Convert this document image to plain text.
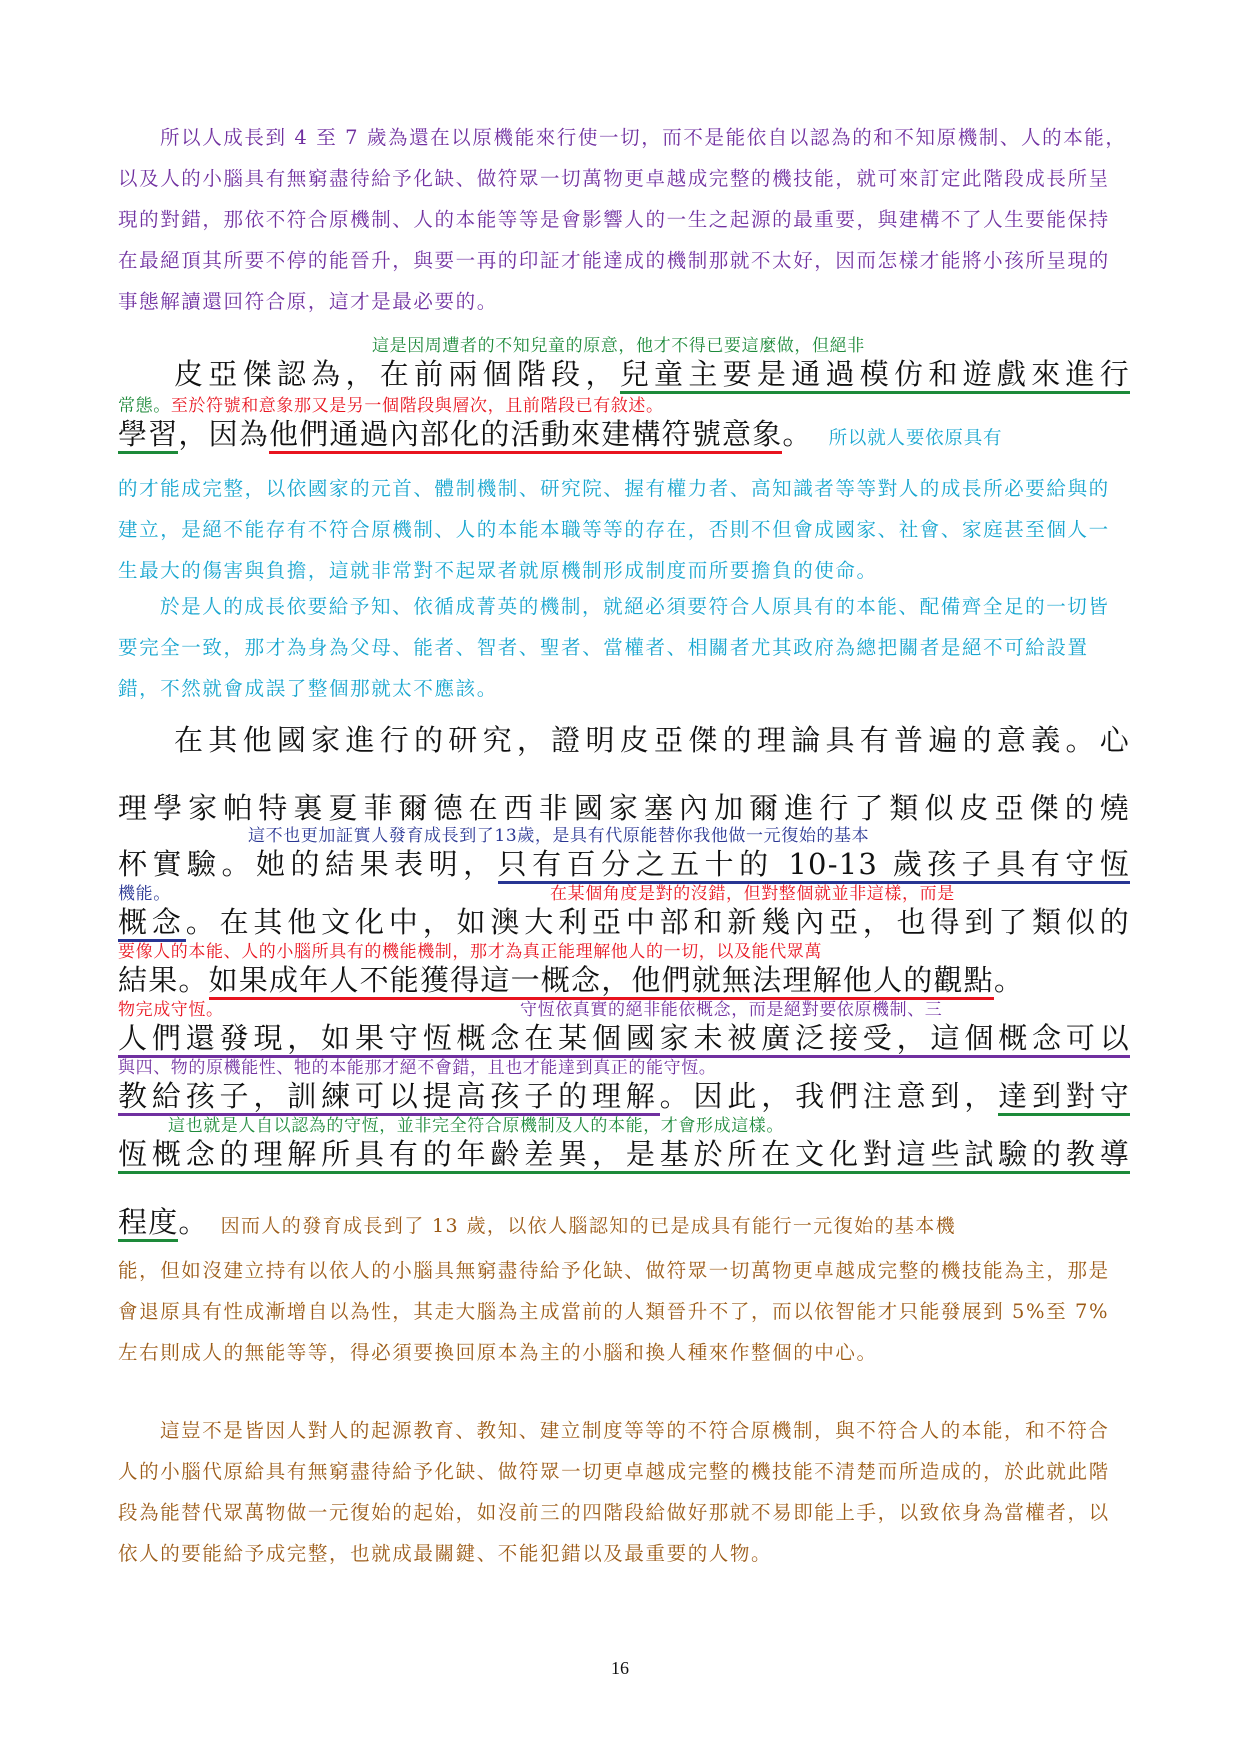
所以人成長到 4 至 7 歲為還在以原機能來行使一切，而不是能依自以認為的和不知原機制、人的本能，以及人的小腦具有無窮盡待給予化缺、做符眾一切萬物更卓越成完整的機技能，就可來訂定此階段成長所呈現的對錯，那依不符合原機制、人的本能等等是會影響人的一生之起源的最重要，與建構不了人生要能保持在最絕頂其所要不停的能晉升，與要一再的印証才能達成的機制那就不太好，因而怎樣才能將小孩所呈現的事態解讀還回符合原，這才是最必要的。

這是因周遭者的不知兒童的原意，他才不得已要這麼做，但絕非
皮亞傑認為，在前兩個階段，兒童主要是通過模仿和遊戲來進行
常態。至於符號和意象那又是另一個階段與層次，且前階段已有敘述。
學習，因為他們通過內部化的活動來建構符號意象。 所以就人要依原具有

的才能成完整，以依國家的元首、體制機制、研究院、握有權力者、高知識者等等對人的成長所必要給與的建立，是絕不能存有不符合原機制、人的本能本職等等的存在，否則不但會成國家、社會、家庭甚至個人一生最大的傷害與負擔，這就非常對不起眾者就原機制形成制度而所要擔負的使命。

於是人的成長依要給予知、依循成菁英的機制，就絕必須要符合人原具有的本能、配備齊全足的一切皆要完全一致，那才為身為父母、能者、智者、聖者、當權者、相關者尤其政府為總把關者是絕不可給設置錯，不然就會成誤了整個那就太不應該。

在其他國家進行的研究，證明皮亞傑的理論具有普遍的意義。心
理學家帕特裏夏菲爾德在西非國家塞內加爾進行了類似皮亞傑的燒
這不也更加証實人發育成長到了13歲，是具有代原能替你我他做一元復始的基本
杯實驗。她的結果表明，只有百分之五十的 10-13 歲孩子具有守恆
機能。	在某個角度是對的沒錯，但對整個就並非這樣，而是
概念。在其他文化中，如澳大利亞中部和新幾內亞，也得到了類似的
要像人的本能、人的小腦所具有的機能機制，那才為真正能理解他人的一切，以及能代眾萬
結果。如果成年人不能獲得這一概念，他們就無法理解他人的觀點。
物完成守恆。	守恆依真實的絕非能依概念，而是絕對要依原機制、三
人們還發現，如果守恆概念在某個國家未被廣泛接受，這個概念可以
與四、物的原機能性、牠的本能那才絕不會錯，且也才能達到真正的能守恆。
教給孩子，訓練可以提高孩子的理解。因此，我們注意到，達到對守
這也就是人自以認為的守恆，並非完全符合原機制及人的本能，才會形成這樣。
恆概念的理解所具有的年齡差異，是基於所在文化對這些試驗的教導
程度。 因而人的發育成長到了 13 歲，以依人腦認知的已是成具有能行一元復始的基本機

能，但如沒建立持有以依人的小腦具無窮盡待給予化缺、做符眾一切萬物更卓越成完整的機技能為主，那是會退原具有性成漸增自以為性，其走大腦為主成當前的人類晉升不了，而以依智能才只能發展到 5%至 7%左右則成人的無能等等，得必須要換回原本為主的小腦和換人種來作整個的中心。

這豈不是皆因人對人的起源教育、教知、建立制度等等的不符合原機制，與不符合人的本能，和不符合人的小腦代原給具有無窮盡待給予化缺、做符眾一切更卓越成完整的機技能不清楚而所造成的，於此就此階段為能替代眾萬物做一元復始的起始，如沒前三的四階段給做好那就不易即能上手，以致依身為當權者，以依人的要能給予成完整，也就成最關鍵、不能犯錯以及最重要的人物。

16
